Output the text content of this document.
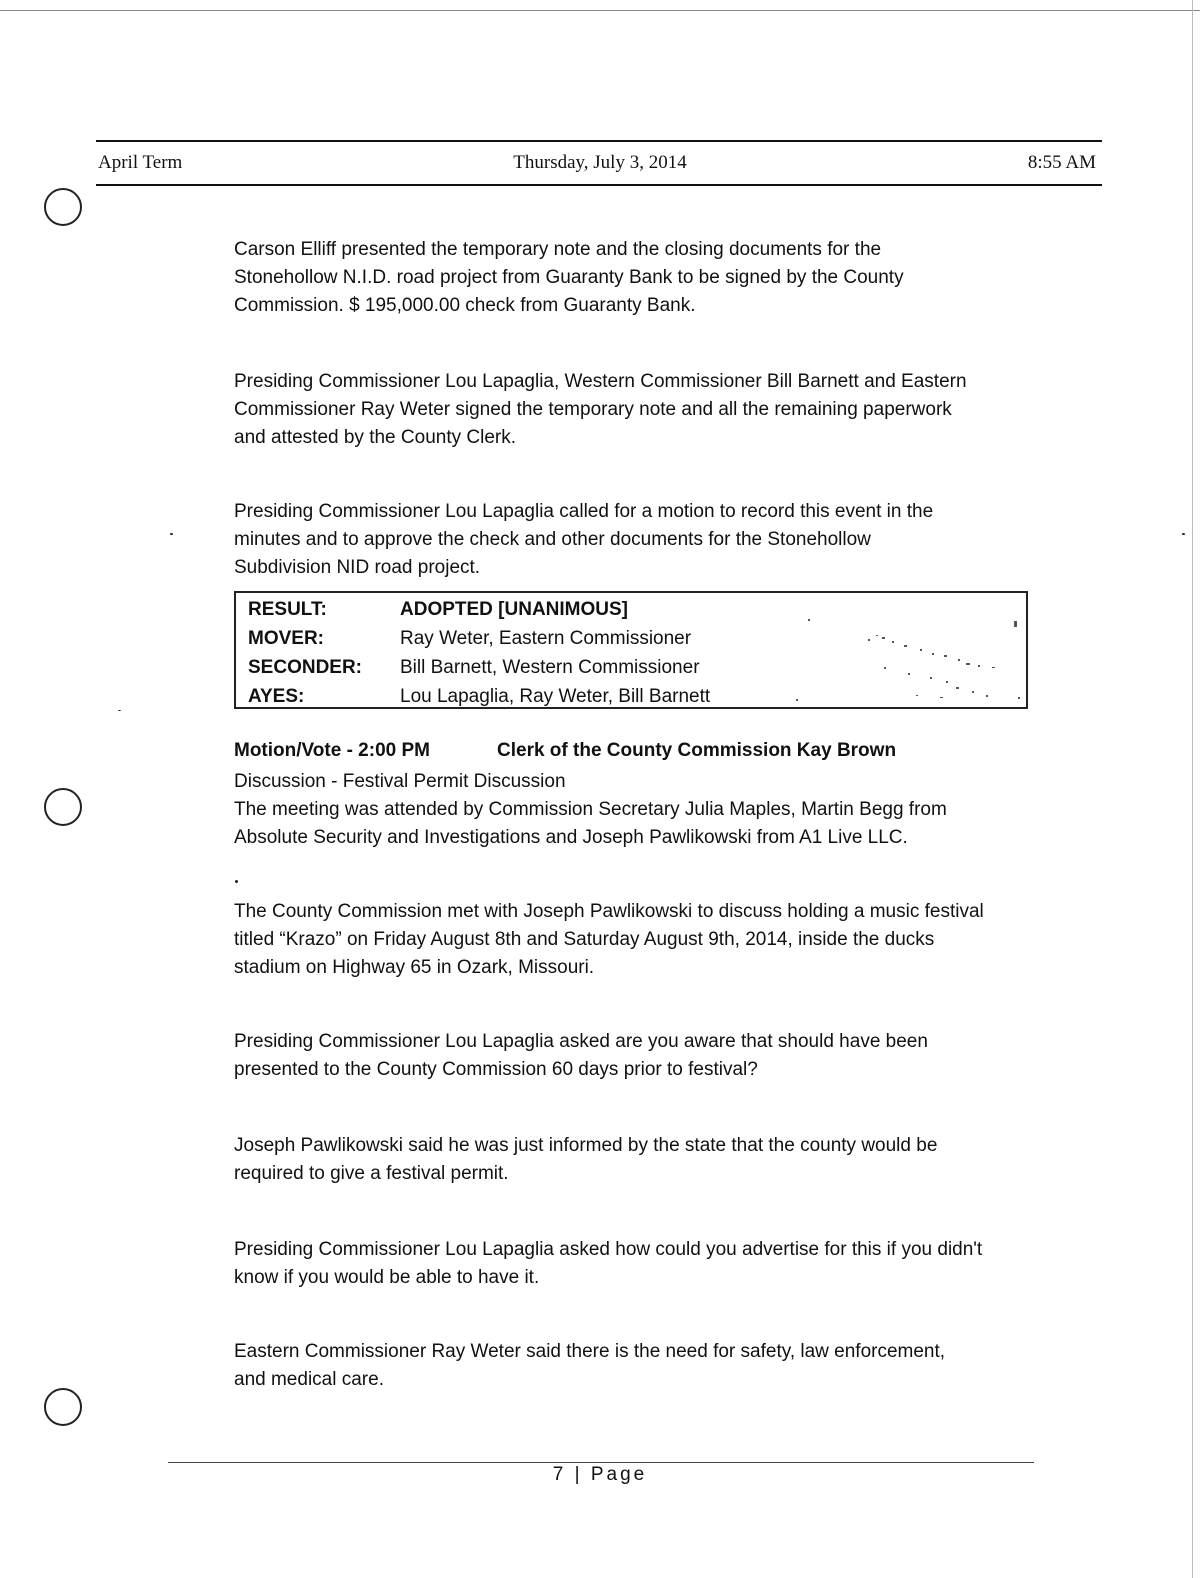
April Term	Thursday, July 3, 2014	8:55 AM
Carson Elliff presented the temporary note and the closing documents for the
Stonehollow N.I.D. road project from Guaranty Bank to be signed by the County
Commission. $ 195,000.00 check from Guaranty Bank.
Presiding Commissioner Lou Lapaglia, Western Commissioner Bill Barnett and Eastern
Commissioner Ray Weter signed the temporary note and all the remaining paperwork
and attested by the County Clerk.
Presiding Commissioner Lou Lapaglia called for a motion to record this event in the
minutes and to approve the check and other documents for the Stonehollow
Subdivision NID road project.
RESULT:	ADOPTED [UNANIMOUS]
MOVER:	Ray Weter, Eastern Commissioner
SECONDER: Bill Barnett, Western Commissioner
AYES:	Lou Lapaglia, Ray Weter, Bill Barnett
Motion/Vote - 2:00 PM	Clerk of the County Commission Kay Brown
Discussion - Festival Permit Discussion
The meeting was attended by Commission Secretary Julia Maples, Martin Begg from
Absolute Security and Investigations and Joseph Pawlikowski from A1 Live LLC.
The County Commission met with Joseph Pawlikowski to discuss holding a music festival
titled “Krazo” on Friday August 8th and Saturday August 9th, 2014, inside the ducks
stadium on Highway 65 in Ozark, Missouri.
Presiding Commissioner Lou Lapaglia asked are you aware that should have been
presented to the County Commission 60 days prior to festival?
Joseph Pawlikowski said he was just informed by the state that the county would be
required to give a festival permit.
Presiding Commissioner Lou Lapaglia asked how could you advertise for this if you didn't
know if you would be able to have it.
Eastern Commissioner Ray Weter said there is the need for safety, law enforcement,
and medical care.
7 | Page
